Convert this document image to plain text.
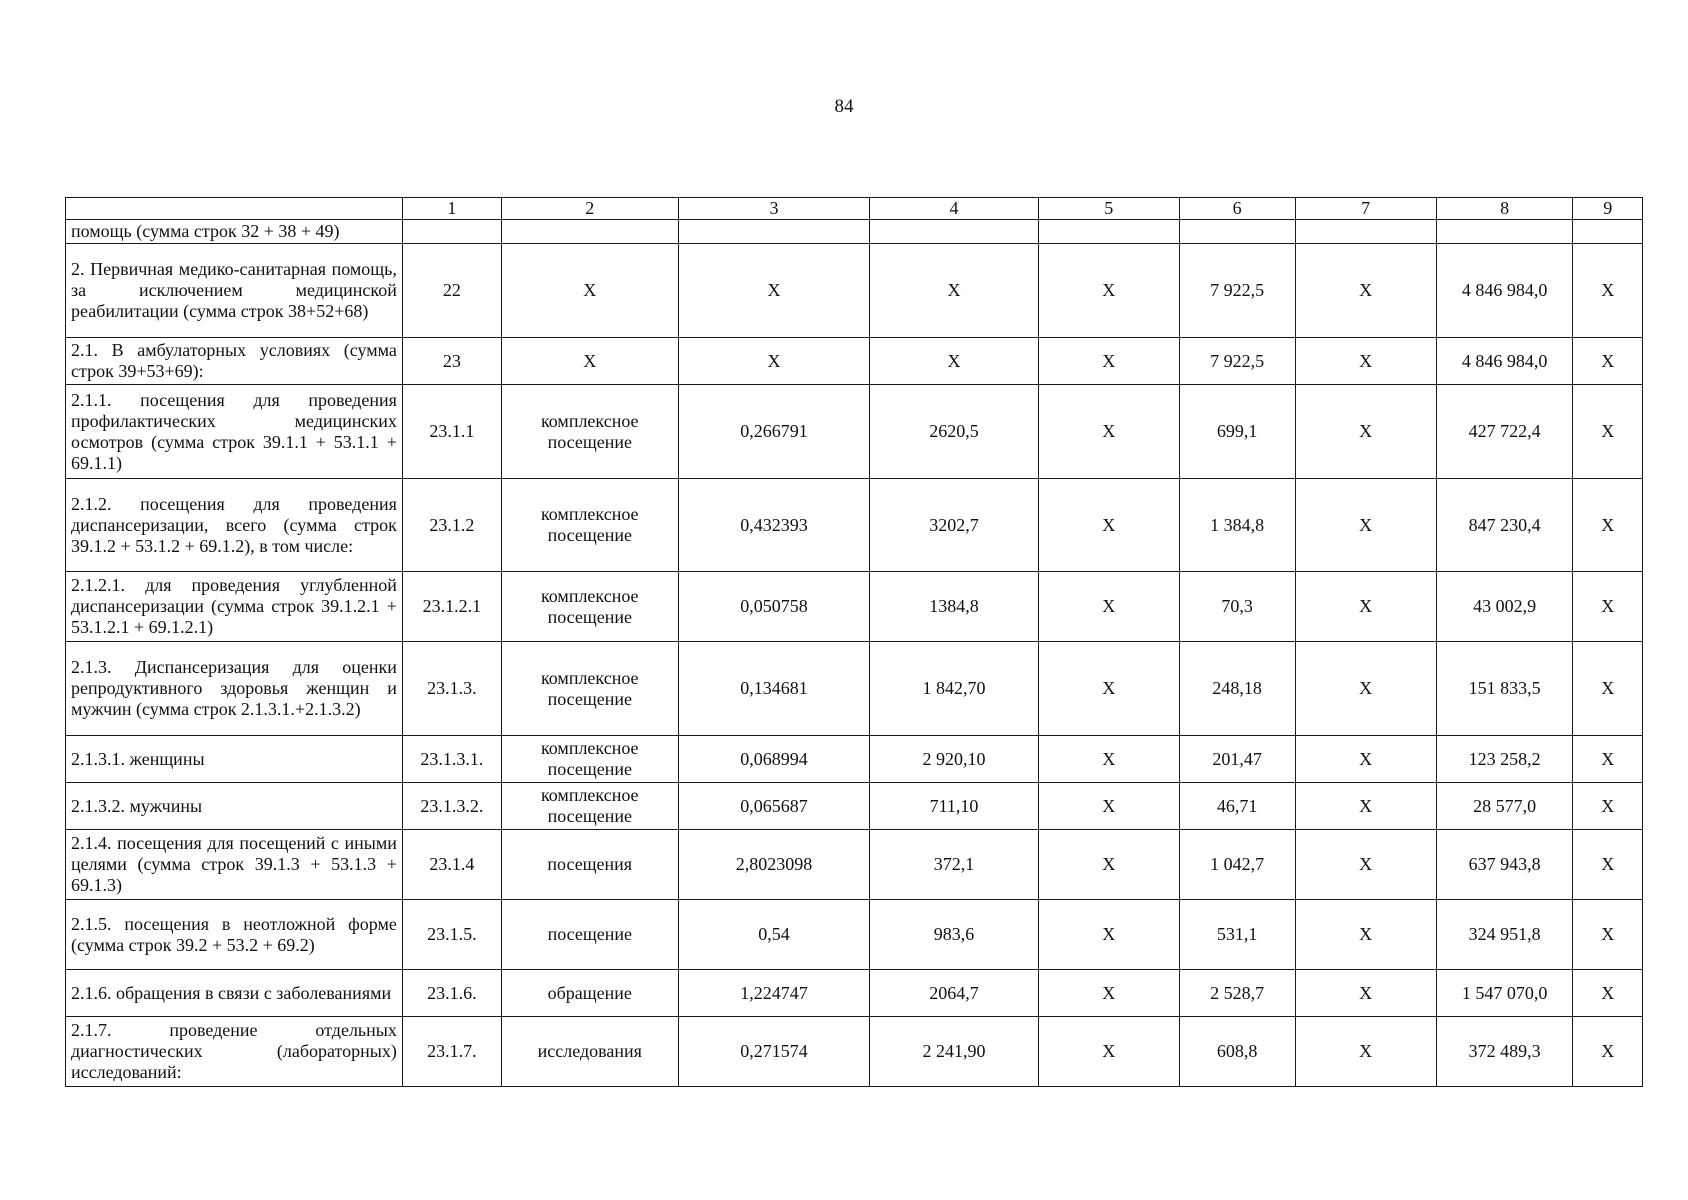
84
	1	2	3	4	5	6	7	8	9
помощь (сумма строк 32 + 38 + 49)									
2. Первичная медико-санитарная помощь, за исключением медицинской реабилитации (сумма строк 38+52+68)	22	X	X	X	X	7 922,5	X	4 846 984,0	X
2.1. В амбулаторных условиях (сумма строк 39+53+69):	23	X	X	X	X	7 922,5	X	4 846 984,0	X
2.1.1. посещения для проведения профилактических медицинских осмотров (сумма строк 39.1.1 + 53.1.1 + 69.1.1)	23.1.1	комплексное посещение	0,266791	2620,5	X	699,1	X	427 722,4	X
2.1.2. посещения для проведения диспансеризации, всего (сумма строк 39.1.2 + 53.1.2 + 69.1.2), в том числе:	23.1.2	комплексное посещение	0,432393	3202,7	X	1 384,8	X	847 230,4	X
2.1.2.1. для проведения углубленной диспансеризации (сумма строк 39.1.2.1 + 53.1.2.1 + 69.1.2.1)	23.1.2.1	комплексное посещение	0,050758	1384,8	X	70,3	X	43 002,9	X
2.1.3. Диспансеризация для оценки репродуктивного здоровья женщин и мужчин (сумма строк 2.1.3.1.+2.1.3.2)	23.1.3.	комплексное посещение	0,134681	1 842,70	X	248,18	X	151 833,5	X
2.1.3.1. женщины	23.1.3.1.	комплексное посещение	0,068994	2 920,10	X	201,47	X	123 258,2	X
2.1.3.2. мужчины	23.1.3.2.	комплексное посещение	0,065687	711,10	X	46,71	X	28 577,0	X
2.1.4. посещения для посещений с иными целями (сумма строк 39.1.3 + 53.1.3 + 69.1.3)	23.1.4	посещения	2,8023098	372,1	X	1 042,7	X	637 943,8	X
2.1.5. посещения в неотложной форме (сумма строк 39.2 + 53.2 + 69.2)	23.1.5.	посещение	0,54	983,6	X	531,1	X	324 951,8	X
2.1.6. обращения в связи с заболеваниями	23.1.6.	обращение	1,224747	2064,7	X	2 528,7	X	1 547 070,0	X
2.1.7. проведение отдельных диагностических (лабораторных) исследований:	23.1.7.	исследования	0,271574	2 241,90	X	608,8	X	372 489,3	X
